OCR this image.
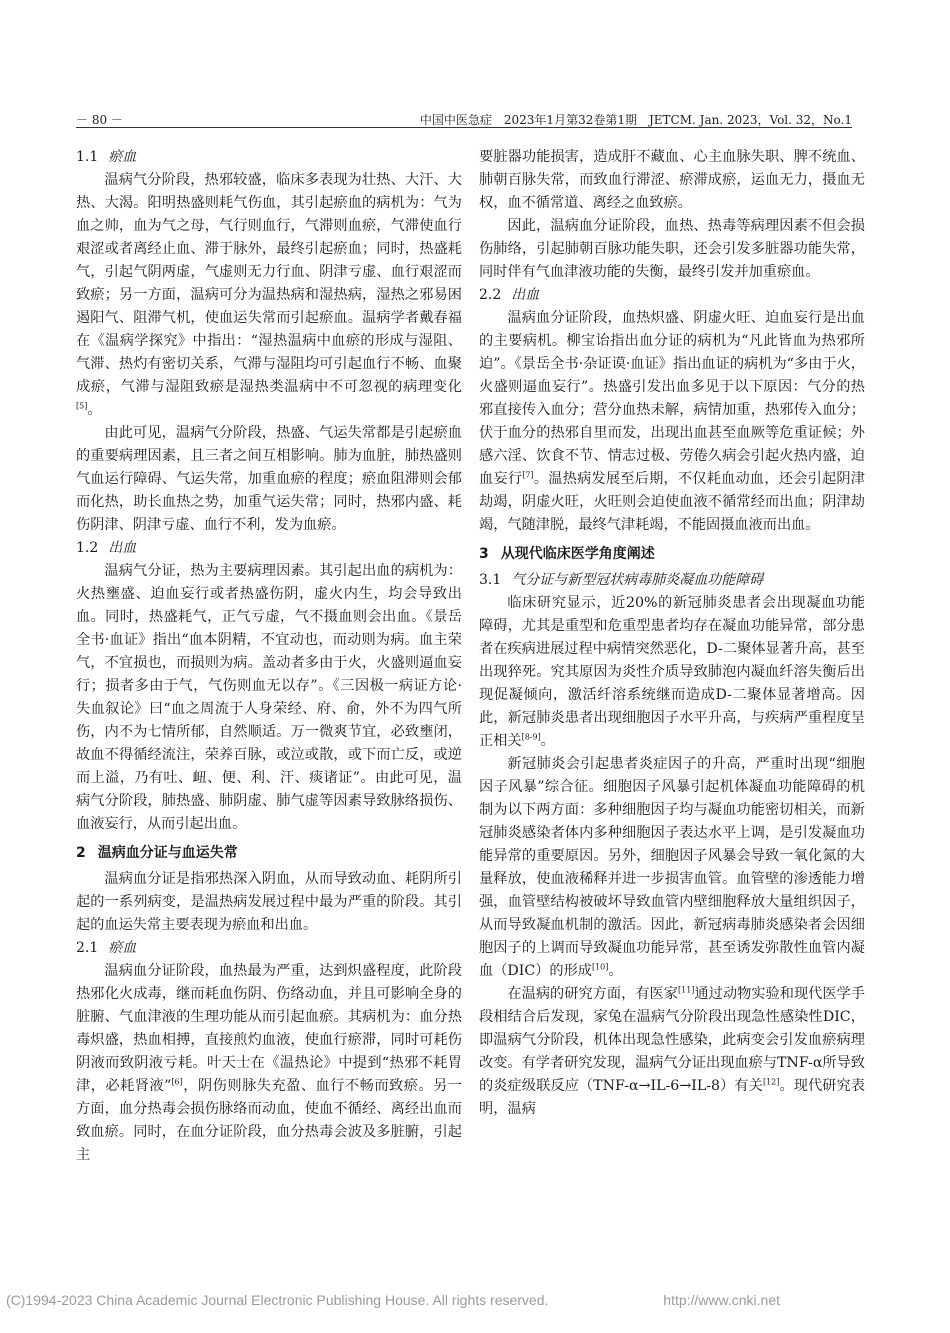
－ 80 －	中国中医急症　2023年1月第32卷第1期　JETCM. Jan. 2023，Vol. 32，No.1
1.1 瘀血

温病气分阶段，热邪较盛，临床多表现为壮热、大汗、大热、大渴。阳明热盛则耗气伤血，其引起瘀血的病机为：气为血之帅，血为气之母，气行则血行，气滞则血瘀，气滞使血行艰涩或者离经止血、滞于脉外，最终引起瘀血；同时，热盛耗气，引起气阴两虚，气虚则无力行血、阴津亏虚、血行艰涩而致瘀；另一方面，温病可分为温热病和湿热病，湿热之邪易困遏阳气、阻滞气机，使血运失常而引起瘀血。温病学者戴春福在《温病学探究》中指出：“湿热温病中血瘀的形成与湿阻、气滞、热灼有密切关系，气滞与湿阻均可引起血行不畅、血聚成瘀，气滞与湿阻致瘀是湿热类温病中不可忽视的病理变化[5]。

由此可见，温病气分阶段，热盛、气运失常都是引起瘀血的重要病理因素，且三者之间互相影响。肺为血脏，肺热盛则气血运行障碍、气运失常，加重血瘀的程度；瘀血阻滞则会郁而化热，助长血热之势，加重气运失常；同时，热邪内盛、耗伤阴津、阴津亏虚、血行不利，发为血瘀。

1.2 出血

温病气分证，热为主要病理因素。其引起出血的病机为：火热壅盛、迫血妄行或者热盛伤阴，虚火内生，均会导致出血。同时，热盛耗气，正气亏虚，气不摄血则会出血。《景岳全书·血证》指出“血本阴精，不宜动也，而动则为病。血主荣气，不宜损也，而损则为病。盖动者多由于火，火盛则逼血妄行；损者多由于气，气伤则血无以存”。《三因极一病证方论·失血叙论》曰“血之周流于人身荣经、府、俞，外不为四气所伤，内不为七情所郁，自然顺适。万一微爽节宜，必致壅闭，故血不得循经流注，荣养百脉，或泣或散，或下而亡反，或逆而上溢，乃有吐、衄、便、利、汗、痰诸证”。由此可见，温病气分阶段，肺热盛、肺阴虚、肺气虚等因素导致脉络损伤、血液妄行，从而引起出血。

2 温病血分证与血运失常

温病血分证是指邪热深入阴血，从而导致动血、耗阴所引起的一系列病变，是温热病发展过程中最为严重的阶段。其引起的血运失常主要表现为瘀血和出血。

2.1 瘀血

温病血分证阶段，血热最为严重，达到炽盛程度，此阶段热邪化火成毒，继而耗血伤阴、伤络动血，并且可影响全身的脏腑、气血津液的生理功能从而引起血瘀。其病机为：血分热毒炽盛，热血相搏，直接煎灼血液，使血行瘀滞，同时可耗伤阴液而致阴液亏耗。叶天士在《温热论》中提到“热邪不耗胃津，必耗肾液”[6]，阴伤则脉失充盈、血行不畅而致瘀。另一方面，血分热毒会损伤脉络而动血，使血不循经、离经出血而致血瘀。同时，在血分证阶段，血分热毒会波及多脏腑，引起主

要脏器功能损害，造成肝不藏血、心主血脉失职、脾不统血、肺朝百脉失常，而致血行滞涩、瘀滞成瘀，运血无力，摄血无权，血不循常道、离经之血致瘀。

因此，温病血分证阶段，血热、热毒等病理因素不但会损伤肺络，引起肺朝百脉功能失职，还会引发多脏器功能失常，同时伴有气血津液功能的失衡，最终引发并加重瘀血。

2.2 出血

温病血分证阶段，血热炽盛、阴虚火旺、迫血妄行是出血的主要病机。柳宝诒指出血分证的病机为“凡此皆血为热邪所迫”。《景岳全书·杂证谟·血证》指出血证的病机为“多由于火，火盛则逼血妄行”。热盛引发出血多见于以下原因：气分的热邪直接传入血分；营分血热未解，病情加重，热邪传入血分；伏于血分的热邪自里而发，出现出血甚至血厥等危重证候；外感六淫、饮食不节、情志过极、劳倦久病会引起火热内盛，迫血妄行[7]。温热病发展至后期，不仅耗血动血，还会引起阴津劫竭，阴虚火旺，火旺则会迫使血液不循常经而出血；阴津劫竭，气随津脱，最终气津耗竭，不能固摄血液而出血。

3 从现代临床医学角度阐述
3.1 气分证与新型冠状病毒肺炎凝血功能障碍

临床研究显示，近20%的新冠肺炎患者会出现凝血功能障碍，尤其是重型和危重型患者均存在凝血功能异常，部分患者在疾病进展过程中病情突然恶化，D-二聚体显著升高，甚至出现猝死。究其原因为炎性介质导致肺泡内凝血纤溶失衡后出现促凝倾向，激活纤溶系统继而造成D-二聚体显著增高。因此，新冠肺炎患者出现细胞因子水平升高，与疾病严重程度呈正相关[8-9]。

新冠肺炎会引起患者炎症因子的升高，严重时出现“细胞因子风暴”综合征。细胞因子风暴引起机体凝血功能障碍的机制为以下两方面：多种细胞因子均与凝血功能密切相关，而新冠肺炎感染者体内多种细胞因子表达水平上调，是引发凝血功能异常的重要原因。另外，细胞因子风暴会导致一氧化氮的大量释放，使血液稀释并进一步损害血管。血管壁的渗透能力增强，血管壁结构被破坏导致血管内壁细胞释放大量组织因子，从而导致凝血机制的激活。因此，新冠病毒肺炎感染者会因细胞因子的上调而导致凝血功能异常，甚至诱发弥散性血管内凝血（DIC）的形成[10]。

在温病的研究方面，有医家[11]通过动物实验和现代医学手段相结合后发现，家兔在温病气分阶段出现急性感染性DIC，即温病气分阶段，机体出现急性感染，此病变会引发血瘀病理改变。有学者研究发现，温病气分证出现血瘀与TNF-α所导致的炎症级联反应（TNF-α→IL-6→IL-8）有关[12]。现代研究表明，温病

(C)1994-2023 China Academic Journal Electronic Publishing House. All rights reserved.	http://www.cnki.net
